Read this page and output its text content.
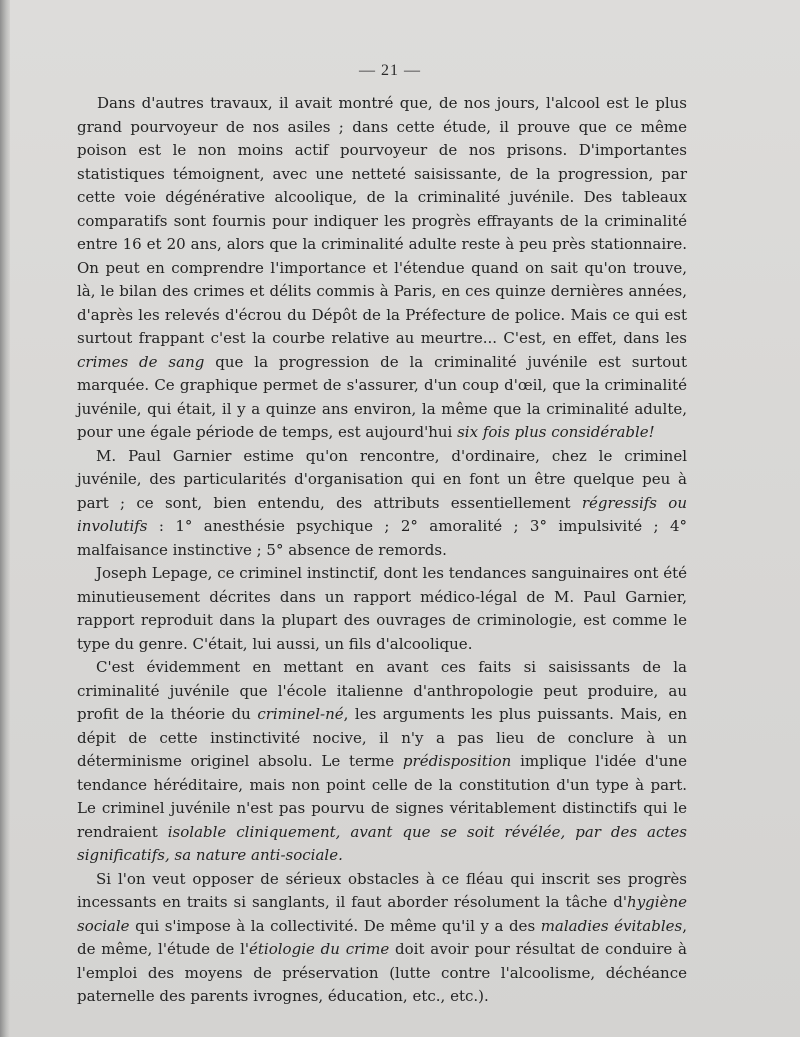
— 21 —

Dans d'autres travaux, il avait montré que, de nos jours, l'alcool est le plus grand pourvoyeur de nos asiles ; dans cette étude, il prouve que ce même poison est le non moins actif pourvoyeur de nos prisons. D'importantes statistiques témoignent, avec une netteté saisissante, de la progression, par cette voie dégénérative alcoolique, de la criminalité juvénile. Des tableaux comparatifs sont fournis pour indiquer les progrès effrayants de la criminalité entre 16 et 20 ans, alors que la criminalité adulte reste à peu près stationnaire. On peut en comprendre l'importance et l'étendue quand on sait qu'on trouve, là, le bilan des crimes et délits commis à Paris, en ces quinze dernières années, d'après les relevés d'écrou du Dépôt de la Préfecture de police. Mais ce qui est surtout frappant c'est la courbe relative au meurtre... C'est, en effet, dans les crimes de sang que la progression de la criminalité juvénile est surtout marquée. Ce graphique permet de s'assurer, d'un coup d'œil, que la criminalité juvénile, qui était, il y a quinze ans environ, la même que la criminalité adulte, pour une égale période de temps, est aujourd'hui six fois plus considérable!

M. Paul Garnier estime qu'on rencontre, d'ordinaire, chez le criminel juvénile, des particularités d'organisation qui en font un être quelque peu à part ; ce sont, bien entendu, des attributs essentiellement régressifs ou involutifs : 1° anesthésie psychique ; 2° amoralité ; 3° impulsivité ; 4° malfaisance instinctive ; 5° absence de remords.

Joseph Lepage, ce criminel instinctif, dont les tendances sanguinaires ont été minutieusement décrites dans un rapport médico-légal de M. Paul Garnier, rapport reproduit dans la plupart des ouvrages de criminologie, est comme le type du genre. C'était, lui aussi, un fils d'alcoolique.

C'est évidemment en mettant en avant ces faits si saisissants de la criminalité juvénile que l'école italienne d'anthropologie peut produire, au profit de la théorie du criminel-né, les arguments les plus puissants. Mais, en dépit de cette instinctivité nocive, il n'y a pas lieu de conclure à un déterminisme originel absolu. Le terme prédisposition implique l'idée d'une tendance héréditaire, mais non point celle de la constitution d'un type à part. Le criminel juvénile n'est pas pourvu de signes véritablement distinctifs qui le rendraient isolable cliniquement, avant que se soit révélée, par des actes significatifs, sa nature anti-sociale.

Si l'on veut opposer de sérieux obstacles à ce fléau qui inscrit ses progrès incessants en traits si sanglants, il faut aborder résolument la tâche d'hygiène sociale qui s'impose à la collectivité. De même qu'il y a des maladies évitables, de même, l'étude de l'étiologie du crime doit avoir pour résultat de conduire à l'emploi des moyens de préservation (lutte contre l'alcoolisme, déchéance paternelle des parents ivrognes, éducation, etc., etc.).
